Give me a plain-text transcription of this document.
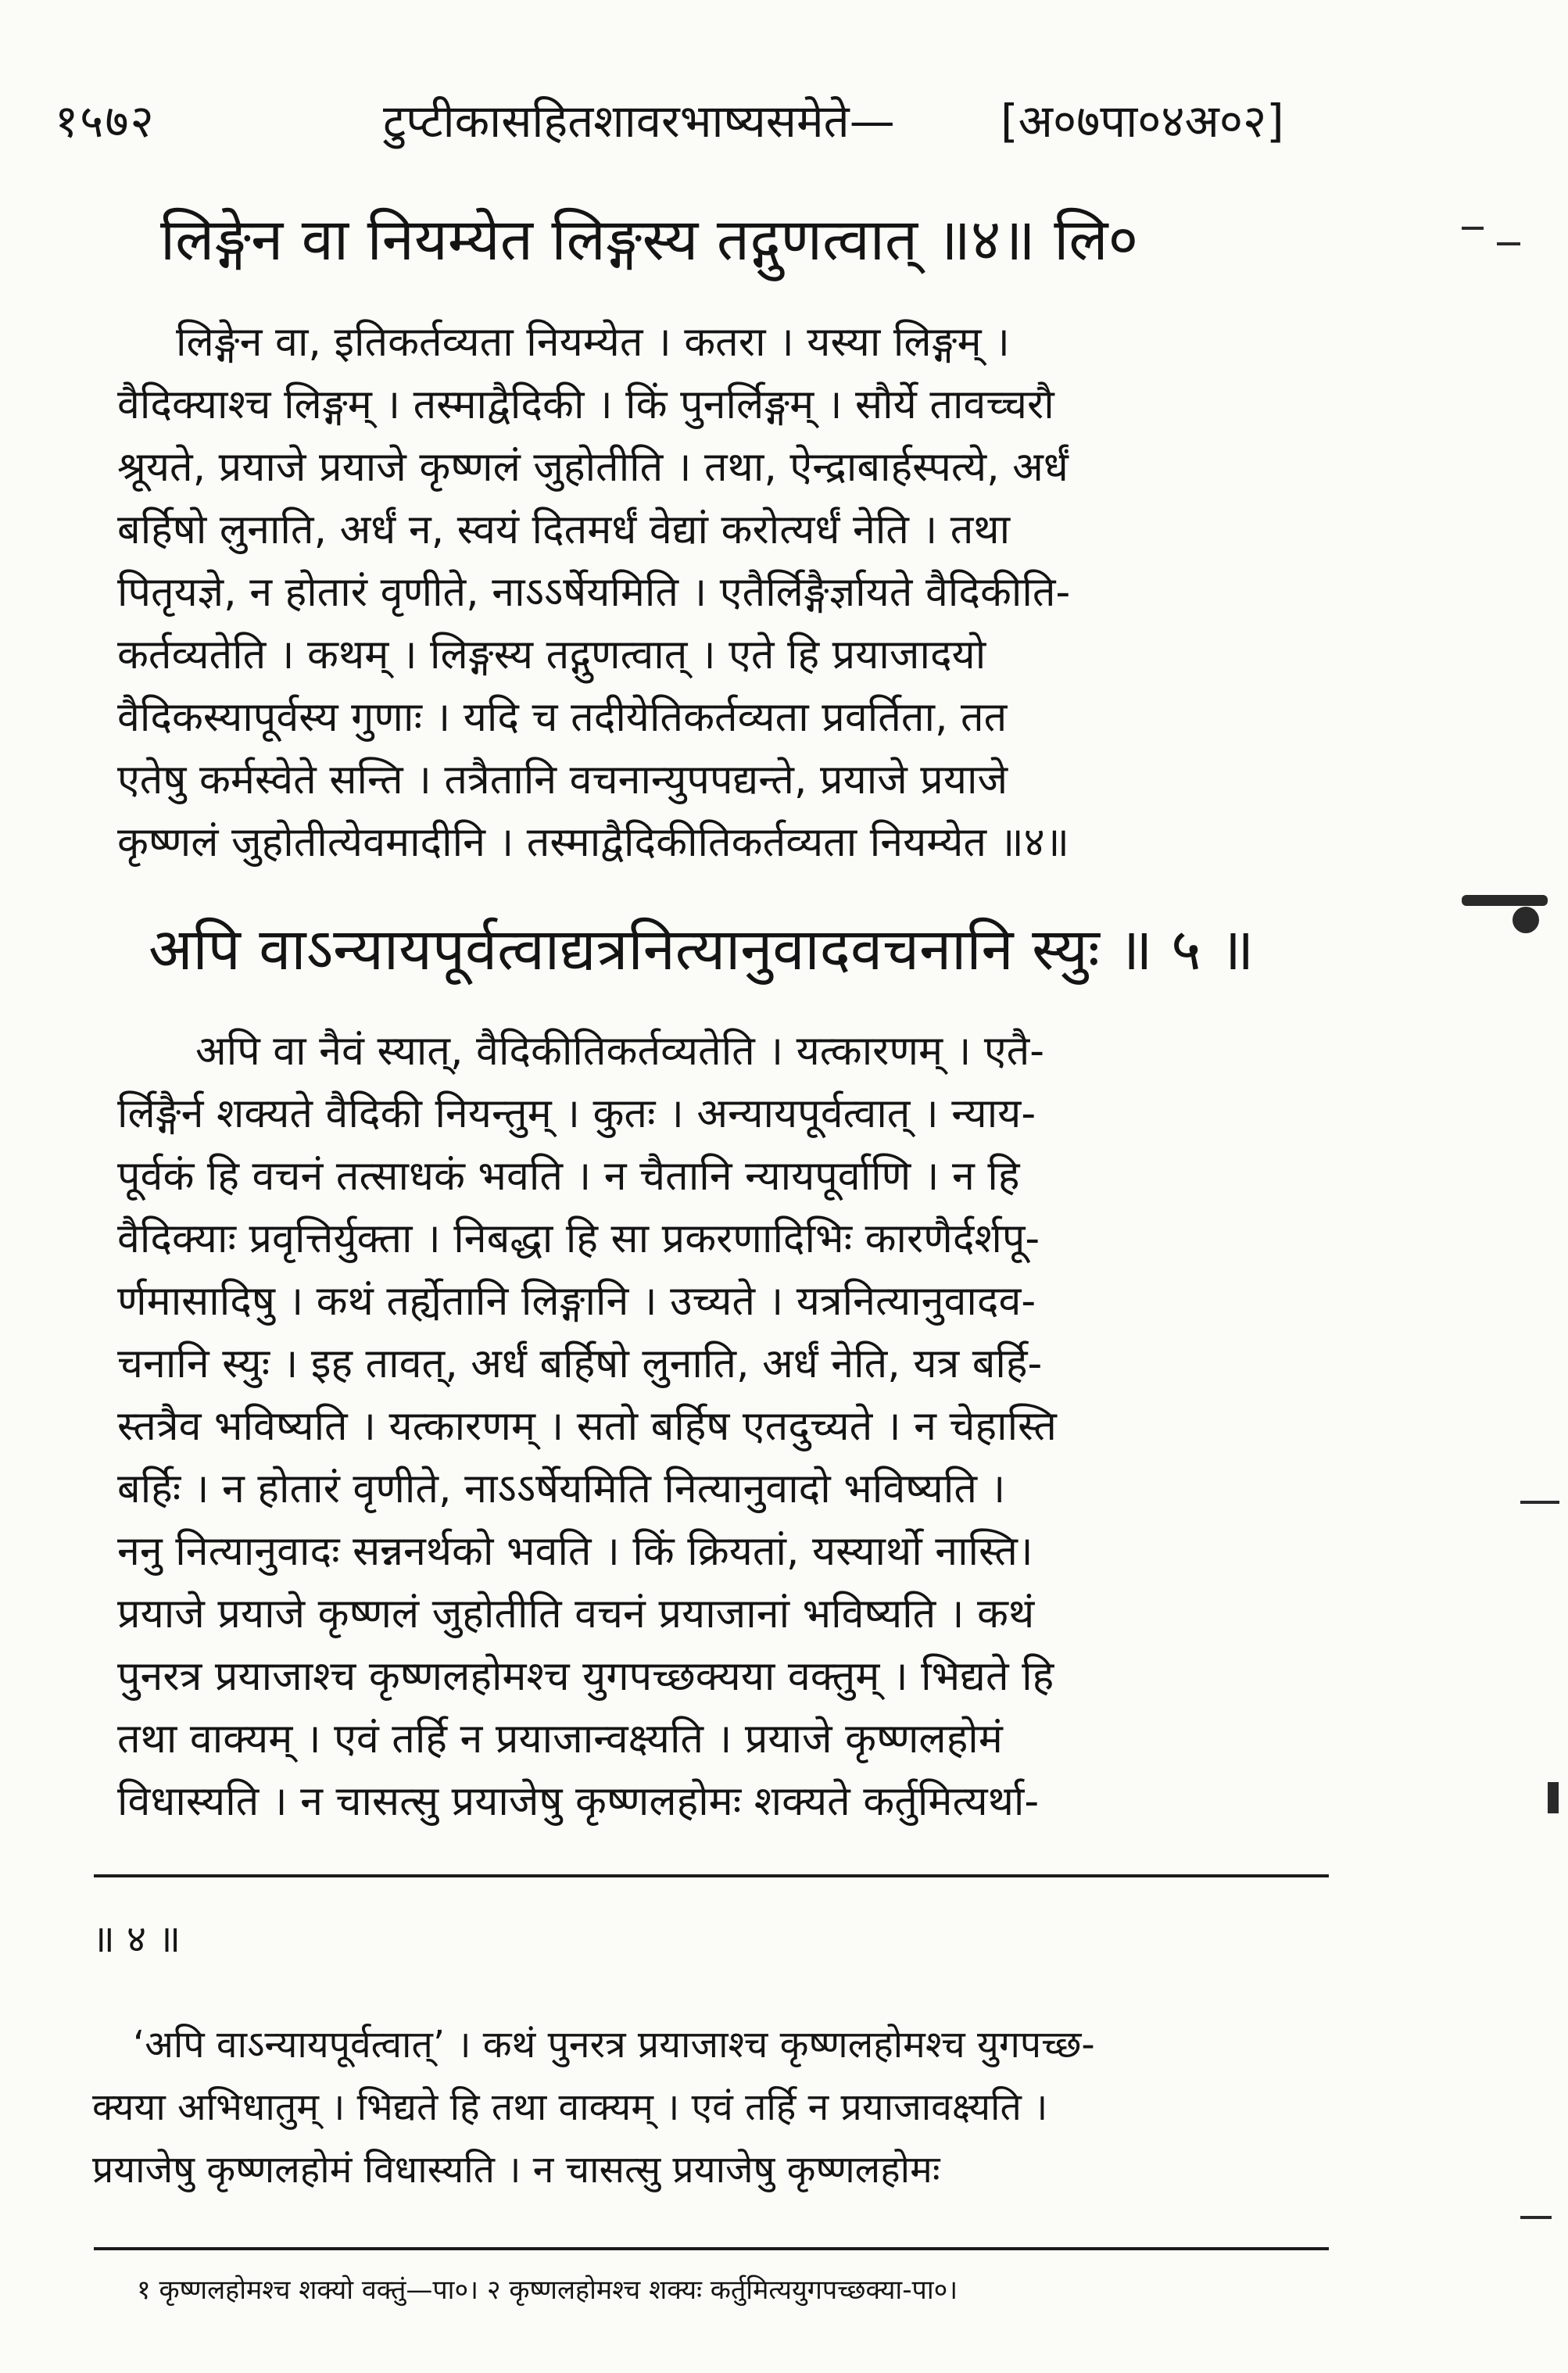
१५७२	टुप्टीकासहितशावरभाष्यसमेते— [अ०७पा०४अ०२]
लिङ्गेन वा नियम्येत लिङ्गस्य तद्गुणत्वात् ॥४॥ लि०
लिङ्गेन वा, इतिकर्तव्यता नियम्येत । कतरा । यस्या लिङ्गम् ।
वैदिक्याश्च लिङ्गम् । तस्माद्वैदिकी । किं पुनर्लिङ्गम् । सौर्ये तावच्चरौ
श्रूयते, प्रयाजे प्रयाजे कृष्णलं जुहोतीति । तथा, ऐन्द्राबार्हस्पत्ये, अर्धं
बर्हिषो लुनाति, अर्धं न, स्वयं दितमर्धं वेद्यां करोत्यर्धं नेति । तथा
पितृयज्ञे, न होतारं वृणीते, नाऽऽर्षेयमिति । एतैर्लिङ्गैर्ज्ञायते वैदिकीति-
कर्तव्यतेति । कथम् । लिङ्गस्य तद्गुणत्वात् । एते हि प्रयाजादयो
वैदिकस्यापूर्वस्य गुणाः । यदि च तदीयेतिकर्तव्यता प्रवर्तिता, तत
एतेषु कर्मस्वेते सन्ति । तत्रैतानि वचनान्युपपद्यन्ते, प्रयाजे प्रयाजे
कृष्णलं जुहोतीत्येवमादीनि । तस्माद्वैदिकीतिकर्तव्यता नियम्येत ॥४॥
अपि वाऽन्यायपूर्वत्वाद्यत्रनित्यानुवादवचनानि स्युः ॥ ५ ॥
अपि वा नैवं स्यात्, वैदिकीतिकर्तव्यतेति । यत्कारणम् । एतै-
र्लिङ्गैर्न शक्यते वैदिकी नियन्तुम् । कुतः । अन्यायपूर्वत्वात् । न्याय-
पूर्वकं हि वचनं तत्साधकं भवति । न चैतानि न्यायपूर्वाणि । न हि
वैदिक्याः प्रवृत्तिर्युक्ता । निबद्धा हि सा प्रकरणादिभिः कारणैर्दर्शपू-
र्णमासादिषु । कथं तर्ह्येतानि लिङ्गानि । उच्यते । यत्रनित्यानुवादव-
चनानि स्युः । इह तावत्, अर्धं बर्हिषो लुनाति, अर्धं नेति, यत्र बर्हि-
स्तत्रैव भविष्यति । यत्कारणम् । सतो बर्हिष एतदुच्यते । न चेहास्ति
बर्हिः । न होतारं वृणीते, नाऽऽर्षेयमिति नित्यानुवादो भविष्यति ।
ननु नित्यानुवादः सन्ननर्थको भवति । किं क्रियतां, यस्यार्थो नास्ति।
प्रयाजे प्रयाजे कृष्णलं जुहोतीति वचनं प्रयाजानां भविष्यति । कथं
पुनरत्र प्रयाजाश्च कृष्णलहोमश्च युगपच्छक्यया वक्तुम् । भिद्यते हि
तथा वाक्यम् । एवं तर्हि न प्रयाजान्वक्ष्यति । प्रयाजे कृष्णलहोमं
विधास्यति । न चासत्सु प्रयाजेषु कृष्णलहोमः शक्यते कर्तुमित्यर्था-
॥ ४ ॥
‘अपि वाऽन्यायपूर्वत्वात्’ । कथं पुनरत्र प्रयाजाश्च कृष्णलहोमश्च युगपच्छ-
क्यया अभिधातुम् । भिद्यते हि तथा वाक्यम् । एवं तर्हि न प्रयाजावक्ष्यति ।
प्रयाजेषु कृष्णलहोमं विधास्यति । न चासत्सु प्रयाजेषु कृष्णलहोमः
१ कृष्णलहोमश्च शक्यो वक्तुं—पा०। २ कृष्णलहोमश्च शक्यः कर्तुमित्ययुगपच्छक्या-पा०।
